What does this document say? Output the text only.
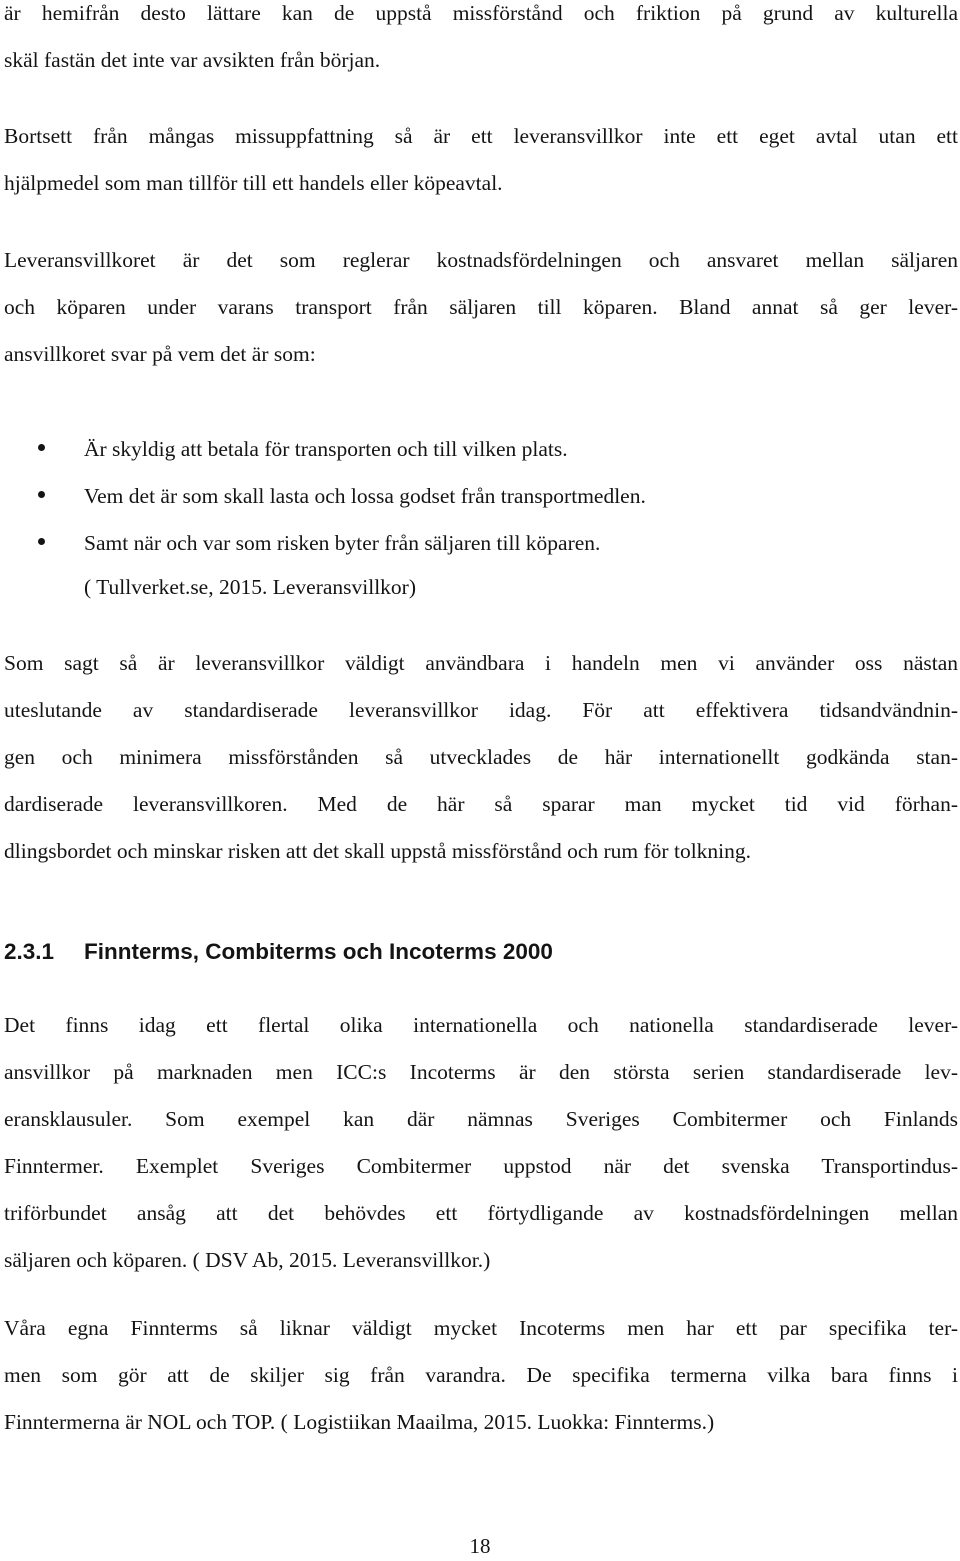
är hemifrån desto lättare kan de uppstå missförstånd och friktion på grund av kulturella
skäl fastän det inte var avsikten från början.
Bortsett från mångas missuppfattning så är ett leveransvillkor inte ett eget avtal utan ett
hjälpmedel som man tillför till ett handels eller köpeavtal.
Leveransvillkoret är det som reglerar kostnadsfördelningen och ansvaret mellan säljaren
och köparen under varans transport från säljaren till köparen. Bland annat så ger lever-
ansvillkoret svar på vem det är som:
Är skyldig att betala för transporten och till vilken plats.
Vem det är som skall lasta och lossa godset från transportmedlen.
Samt när och var som risken byter från säljaren till köparen.
( Tullverket.se, 2015. Leveransvillkor)
Som sagt så är leveransvillkor väldigt användbara i handeln men vi använder oss nästan
uteslutande av standardiserade leveransvillkor idag. För att effektivera tidsandvändnin-
gen och minimera missförstånden så utvecklades de här internationellt godkända stan-
dardiserade leveransvillkoren. Med de här så sparar man mycket tid vid förhan-
dlingsbordet och minskar risken att det skall uppstå missförstånd och rum för tolkning.
2.3.1 Finnterms, Combiterms och Incoterms 2000
Det finns idag ett flertal olika internationella och nationella standardiserade lever-
ansvillkor på marknaden men ICC:s Incoterms är den största serien standardiserade lev-
eransklausuler. Som exempel kan där nämnas Sveriges Combitermer och Finlands
Finntermer. Exemplet Sveriges Combitermer uppstod när det svenska Transportindus-
triförbundet ansåg att det behövdes ett förtydligande av kostnadsfördelningen mellan
säljaren och köparen. ( DSV Ab, 2015. Leveransvillkor.)
Våra egna Finnterms så liknar väldigt mycket Incoterms men har ett par specifika ter-
men som gör att de skiljer sig från varandra. De specifika termerna vilka bara finns i
Finntermerna är NOL och TOP. ( Logistiikan Maailma, 2015. Luokka: Finnterms.)
18
